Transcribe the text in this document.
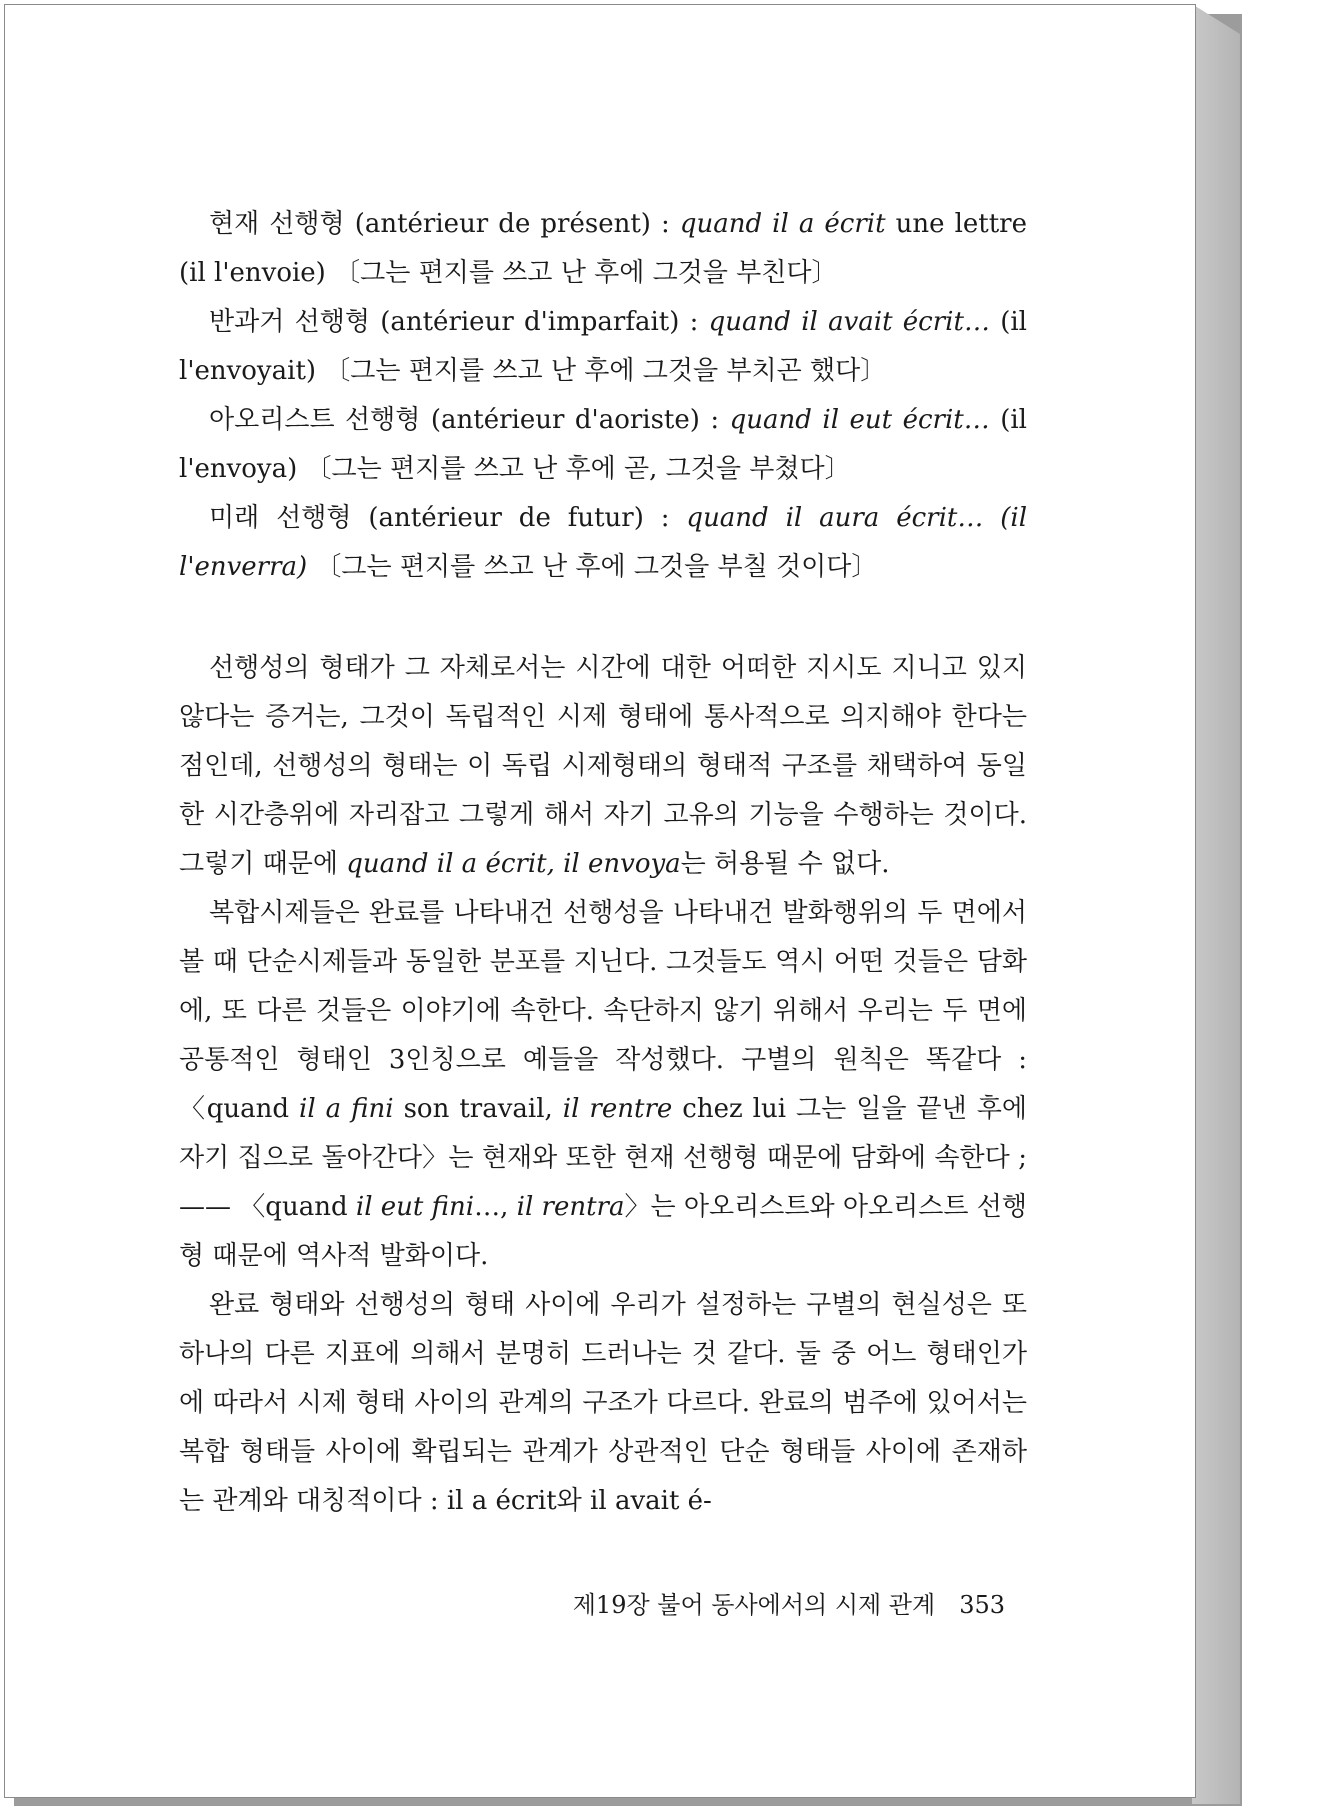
현재 선행형 (antérieur de présent) : quand il a écrit une lettre (il l'envoie) 〔그는 편지를 쓰고 난 후에 그것을 부친다〕

반과거 선행형 (antérieur d'imparfait) : quand il avait écrit… (il l'envoyait) 〔그는 편지를 쓰고 난 후에 그것을 부치곤 했다〕

아오리스트 선행형 (antérieur d'aoriste) : quand il eut écrit… (il l'envoya) 〔그는 편지를 쓰고 난 후에 곧, 그것을 부쳤다〕

미래 선행형 (antérieur de futur) : quand il aura écrit… (il l'enverra) 〔그는 편지를 쓰고 난 후에 그것을 부칠 것이다〕

선행성의 형태가 그 자체로서는 시간에 대한 어떠한 지시도 지니고 있지 않다는 증거는, 그것이 독립적인 시제 형태에 통사적으로 의지해야 한다는 점인데, 선행성의 형태는 이 독립 시제형태의 형태적 구조를 채택하여 동일한 시간층위에 자리잡고 그렇게 해서 자기 고유의 기능을 수행하는 것이다. 그렇기 때문에 quand il a écrit, il envoya는 허용될 수 없다.

복합시제들은 완료를 나타내건 선행성을 나타내건 발화행위의 두 면에서 볼 때 단순시제들과 동일한 분포를 지닌다. 그것들도 역시 어떤 것들은 담화에, 또 다른 것들은 이야기에 속한다. 속단하지 않기 위해서 우리는 두 면에 공통적인 형태인 3인칭으로 예들을 작성했다. 구별의 원칙은 똑같다 : 〈quand il a fini son travail, il rentre chez lui 그는 일을 끝낸 후에 자기 집으로 돌아간다〉는 현재와 또한 현재 선행형 때문에 담화에 속한다 ; —— 〈quand il eut fini…, il rentra〉는 아오리스트와 아오리스트 선행형 때문에 역사적 발화이다.

완료 형태와 선행성의 형태 사이에 우리가 설정하는 구별의 현실성은 또 하나의 다른 지표에 의해서 분명히 드러나는 것 같다. 둘 중 어느 형태인가에 따라서 시제 형태 사이의 관계의 구조가 다르다. 완료의 범주에 있어서는 복합 형태들 사이에 확립되는 관계가 상관적인 단순 형태들 사이에 존재하는 관계와 대칭적이다 : il a écrit와 il avait é-

제19장 불어 동사에서의 시제 관계 353
